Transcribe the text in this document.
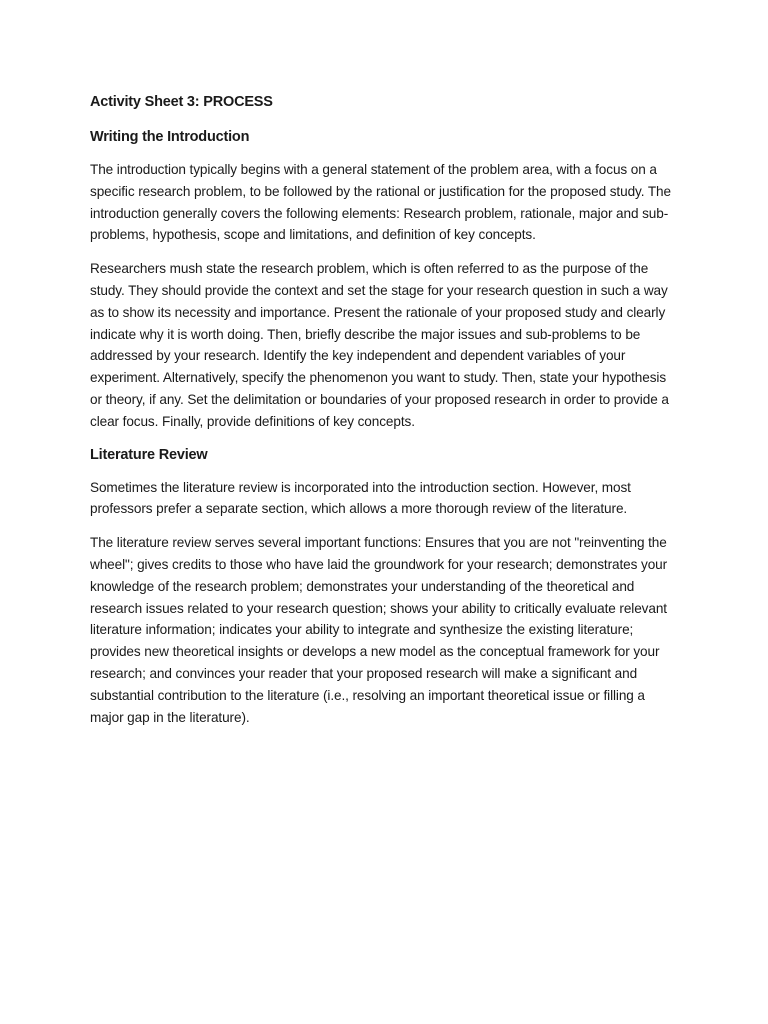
Activity Sheet 3: PROCESS
Writing the Introduction

The introduction typically begins with a general statement of the problem area, with a focus on a specific research problem, to be followed by the rational or justification for the proposed study. The introduction generally covers the following elements: Research problem, rationale, major and sub-problems, hypothesis, scope and limitations, and definition of key concepts.

Researchers mush state the research problem, which is often referred to as the purpose of the study. They should provide the context and set the stage for your research question in such a way as to show its necessity and importance. Present the rationale of your proposed study and clearly indicate why it is worth doing. Then, briefly describe the major issues and sub-problems to be addressed by your research. Identify the key independent and dependent variables of your experiment. Alternatively, specify the phenomenon you want to study. Then, state your hypothesis or theory, if any. Set the delimitation or boundaries of your proposed research in order to provide a clear focus. Finally, provide definitions of key concepts.

Literature Review

Sometimes the literature review is incorporated into the introduction section. However, most professors prefer a separate section, which allows a more thorough review of the literature.

The literature review serves several important functions: Ensures that you are not "reinventing the wheel"; gives credits to those who have laid the groundwork for your research; demonstrates your knowledge of the research problem; demonstrates your understanding of the theoretical and research issues related to your research question; shows your ability to critically evaluate relevant literature information; indicates your ability to integrate and synthesize the existing literature; provides new theoretical insights or develops a new model as the conceptual framework for your research; and convinces your reader that your proposed research will make a significant and substantial contribution to the literature (i.e., resolving an important theoretical issue or filling a major gap in the literature).
